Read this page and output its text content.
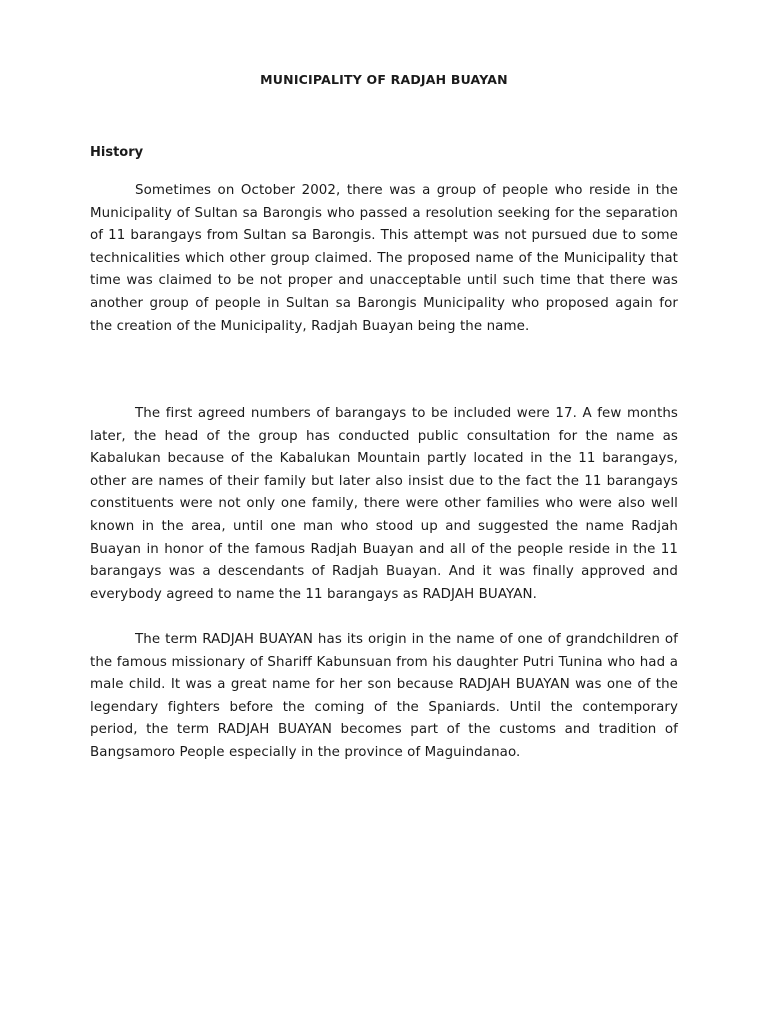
MUNICIPALITY OF RADJAH BUAYAN
History

Sometimes on October 2002, there was a group of people who reside in the Municipality of Sultan sa Barongis who passed a resolution seeking for the separation of 11 barangays from Sultan sa Barongis. This attempt was not pursued due to some technicalities which other group claimed. The proposed name of the Municipality that time was claimed to be not proper and unacceptable until such time that there was another group of people in Sultan sa Barongis Municipality who proposed again for the creation of the Municipality, Radjah Buayan being the name.

The first agreed numbers of barangays to be included were 17. A few months later, the head of the group has conducted public consultation for the name as Kabalukan because of the Kabalukan Mountain partly located in the 11 barangays, other are names of their family but later also insist due to the fact the 11 barangays constituents were not only one family, there were other families who were also well known in the area, until one man who stood up and suggested the name Radjah Buayan in honor of the famous Radjah Buayan and all of the people reside in the 11 barangays was a descendants of Radjah Buayan. And it was finally approved and everybody agreed to name the 11 barangays as RADJAH BUAYAN.

The term RADJAH BUAYAN has its origin in the name of one of grandchildren of the famous missionary of Shariff Kabunsuan from his daughter Putri Tunina who had a male child. It was a great name for her son because RADJAH BUAYAN was one of the legendary fighters before the coming of the Spaniards. Until the contemporary period, the term RADJAH BUAYAN becomes part of the customs and tradition of Bangsamoro People especially in the province of Maguindanao.
